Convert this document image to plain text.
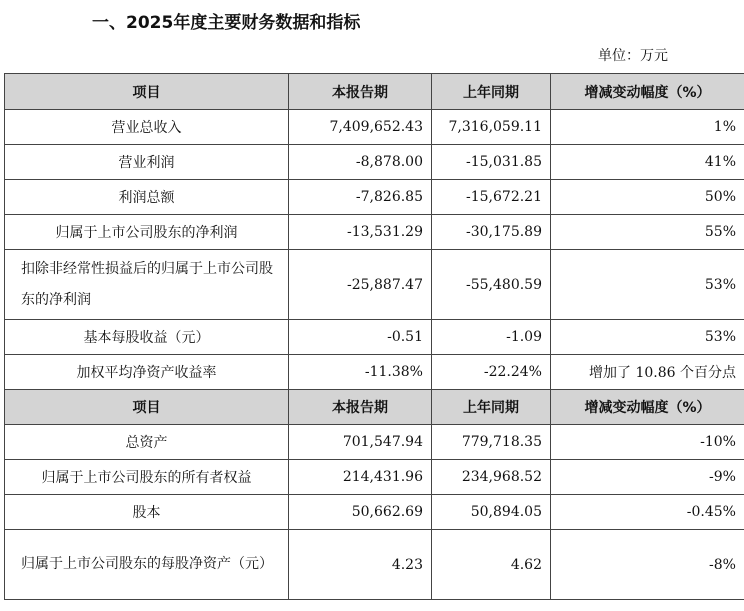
一、2025年度主要财务数据和指标
单位：万元
项目	本报告期	上年同期	增减变动幅度（%）
营业总收入	7,409,652.43	7,316,059.11	1%
营业利润	-8,878.00	-15,031.85	41%
利润总额	-7,826.85	-15,672.21	50%
归属于上市公司股东的净利润	-13,531.29	-30,175.89	55%
扣除非经常性损益后的归属于上市公司股东的净利润	-25,887.47	-55,480.59	53%
基本每股收益（元）	-0.51	-1.09	53%
加权平均净资产收益率	-11.38%	-22.24%	增加了 10.86 个百分点
项目	本报告期	上年同期	增减变动幅度（%）
总资产	701,547.94	779,718.35	-10%
归属于上市公司股东的所有者权益	214,431.96	234,968.52	-9%
股本	50,662.69	50,894.05	-0.45%
归属于上市公司股东的每股净资产（元）	4.23	4.62	-8%
